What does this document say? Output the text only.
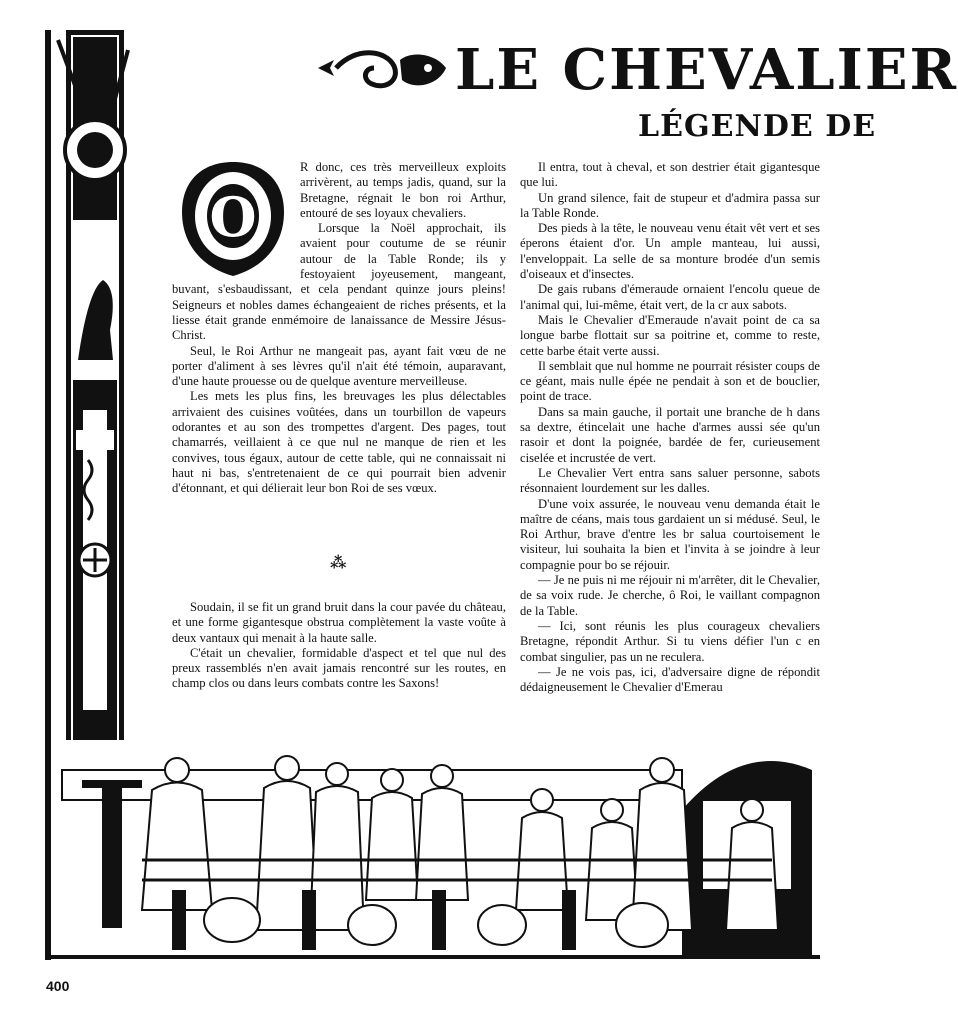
LE CHEVALIER
LÉGENDE DE
O

R donc, ces très merveilleux exploits arrivèrent, au temps jadis, quand, sur la Bretagne, régnait le bon roi Arthur, entouré de ses loyaux chevaliers.

Lorsque la Noël approchait, ils avaient pour coutume de se réunir autour de la Table Ronde; ils y festoyaient joyeusement, mangeant, buvant, s'esbaudissant, et cela pendant quinze jours pleins! Seigneurs et nobles dames échangeaient de riches présents, et la liesse était grande enmémoire de lanaissance de Messire Jésus-Christ.

Seul, le Roi Arthur ne mangeait pas, ayant fait vœu de ne porter d'aliment à ses lèvres qu'il n'ait été témoin, auparavant, d'une haute prouesse ou de quelque aventure merveilleuse.

Les mets les plus fins, les breuvages les plus délectables arrivaient des cuisines voûtées, dans un tourbillon de vapeurs odorantes et au son des trompettes d'argent. Des pages, tout chamarrés, veillaient à ce que nul ne manque de rien et les convives, tous égaux, autour de cette table, qui ne connaissait ni haut ni bas, s'entretenaient de ce qui pourrait bien advenir d'étonnant, et qui délierait leur bon Roi de ses vœux.

⁂

Soudain, il se fit un grand bruit dans la cour pavée du château, et une forme gigantesque obstrua complètement la vaste voûte à deux vantaux qui menait à la haute salle.

C'était un chevalier, formidable d'aspect et tel que nul des preux rassemblés n'en avait jamais rencontré sur les routes, en champ clos ou dans leurs combats contre les Saxons!

Il entra, tout à cheval, et son destrier était gigantesque que lui.

Un grand silence, fait de stupeur et d'admira passa sur la Table Ronde.

Des pieds à la tête, le nouveau venu était vêt vert et ses éperons étaient d'or. Un ample manteau, lui aussi, l'enveloppait. La selle de sa monture brodée d'un semis d'oiseaux et d'insectes.

De gais rubans d'émeraude ornaient l'encolu queue de l'animal qui, lui-même, était vert, de la cr aux sabots.

Mais le Chevalier d'Emeraude n'avait point de ca sa longue barbe flottait sur sa poitrine et, comme to reste, cette barbe était verte aussi.

Il semblait que nul homme ne pourrait résister coups de ce géant, mais nulle épée ne pendait à son et de bouclier, point de trace.

Dans sa main gauche, il portait une branche de h dans sa dextre, étincelait une hache d'armes aussi sée qu'un rasoir et dont la poignée, bardée de fer, curieusement ciselée et incrustée de vert.

Le Chevalier Vert entra sans saluer personne, sabots résonnaient lourdement sur les dalles.

D'une voix assurée, le nouveau venu demanda était le maître de céans, mais tous gardaient un si médusé. Seul, le Roi Arthur, brave d'entre les br salua courtoisement le visiteur, lui souhaita la bien et l'invita à se joindre à leur compagnie pour bo se réjouir.

— Je ne puis ni me réjouir ni m'arrêter, dit le Chevalier, de sa voix rude. Je cherche, ô Roi, le vaillant compagnon de la Table.

— Ici, sont réunis les plus courageux chevaliers Bretagne, répondit Arthur. Si tu viens défier l'un c en combat singulier, pas un ne reculera.

— Je ne vois pas, ici, d'adversaire digne de répondit dédaigneusement le Chevalier d'Emerau

400
